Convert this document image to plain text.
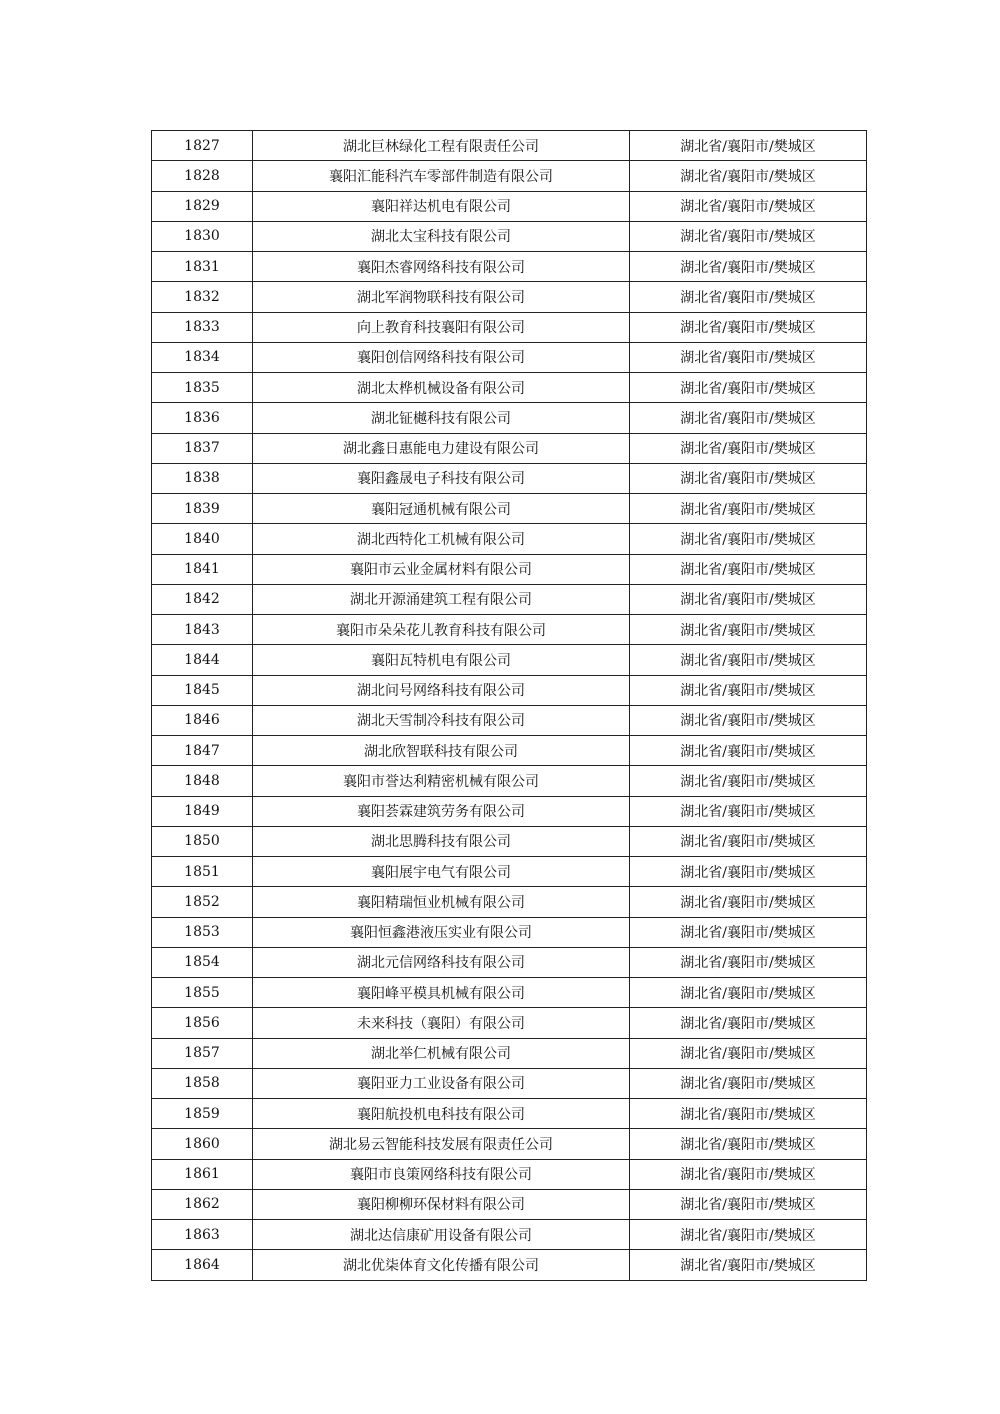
1827	湖北巨林绿化工程有限责任公司	湖北省/襄阳市/樊城区
1828	襄阳汇能科汽车零部件制造有限公司	湖北省/襄阳市/樊城区
1829	襄阳祥达机电有限公司	湖北省/襄阳市/樊城区
1830	湖北太宝科技有限公司	湖北省/襄阳市/樊城区
1831	襄阳杰睿网络科技有限公司	湖北省/襄阳市/樊城区
1832	湖北军润物联科技有限公司	湖北省/襄阳市/樊城区
1833	向上教育科技襄阳有限公司	湖北省/襄阳市/樊城区
1834	襄阳创信网络科技有限公司	湖北省/襄阳市/樊城区
1835	湖北太桦机械设备有限公司	湖北省/襄阳市/樊城区
1836	湖北钲樾科技有限公司	湖北省/襄阳市/樊城区
1837	湖北鑫日惠能电力建设有限公司	湖北省/襄阳市/樊城区
1838	襄阳鑫晟电子科技有限公司	湖北省/襄阳市/樊城区
1839	襄阳冠通机械有限公司	湖北省/襄阳市/樊城区
1840	湖北西特化工机械有限公司	湖北省/襄阳市/樊城区
1841	襄阳市云业金属材料有限公司	湖北省/襄阳市/樊城区
1842	湖北开源涌建筑工程有限公司	湖北省/襄阳市/樊城区
1843	襄阳市朵朵花儿教育科技有限公司	湖北省/襄阳市/樊城区
1844	襄阳瓦特机电有限公司	湖北省/襄阳市/樊城区
1845	湖北问号网络科技有限公司	湖北省/襄阳市/樊城区
1846	湖北天雪制冷科技有限公司	湖北省/襄阳市/樊城区
1847	湖北欣智联科技有限公司	湖北省/襄阳市/樊城区
1848	襄阳市誉达利精密机械有限公司	湖北省/襄阳市/樊城区
1849	襄阳荟霖建筑劳务有限公司	湖北省/襄阳市/樊城区
1850	湖北思腾科技有限公司	湖北省/襄阳市/樊城区
1851	襄阳展宇电气有限公司	湖北省/襄阳市/樊城区
1852	襄阳精瑞恒业机械有限公司	湖北省/襄阳市/樊城区
1853	襄阳恒鑫港液压实业有限公司	湖北省/襄阳市/樊城区
1854	湖北元信网络科技有限公司	湖北省/襄阳市/樊城区
1855	襄阳峰平模具机械有限公司	湖北省/襄阳市/樊城区
1856	未来科技（襄阳）有限公司	湖北省/襄阳市/樊城区
1857	湖北举仁机械有限公司	湖北省/襄阳市/樊城区
1858	襄阳亚力工业设备有限公司	湖北省/襄阳市/樊城区
1859	襄阳航投机电科技有限公司	湖北省/襄阳市/樊城区
1860	湖北易云智能科技发展有限责任公司	湖北省/襄阳市/樊城区
1861	襄阳市良策网络科技有限公司	湖北省/襄阳市/樊城区
1862	襄阳柳柳环保材料有限公司	湖北省/襄阳市/樊城区
1863	湖北达信康矿用设备有限公司	湖北省/襄阳市/樊城区
1864	湖北优柒体育文化传播有限公司	湖北省/襄阳市/樊城区
